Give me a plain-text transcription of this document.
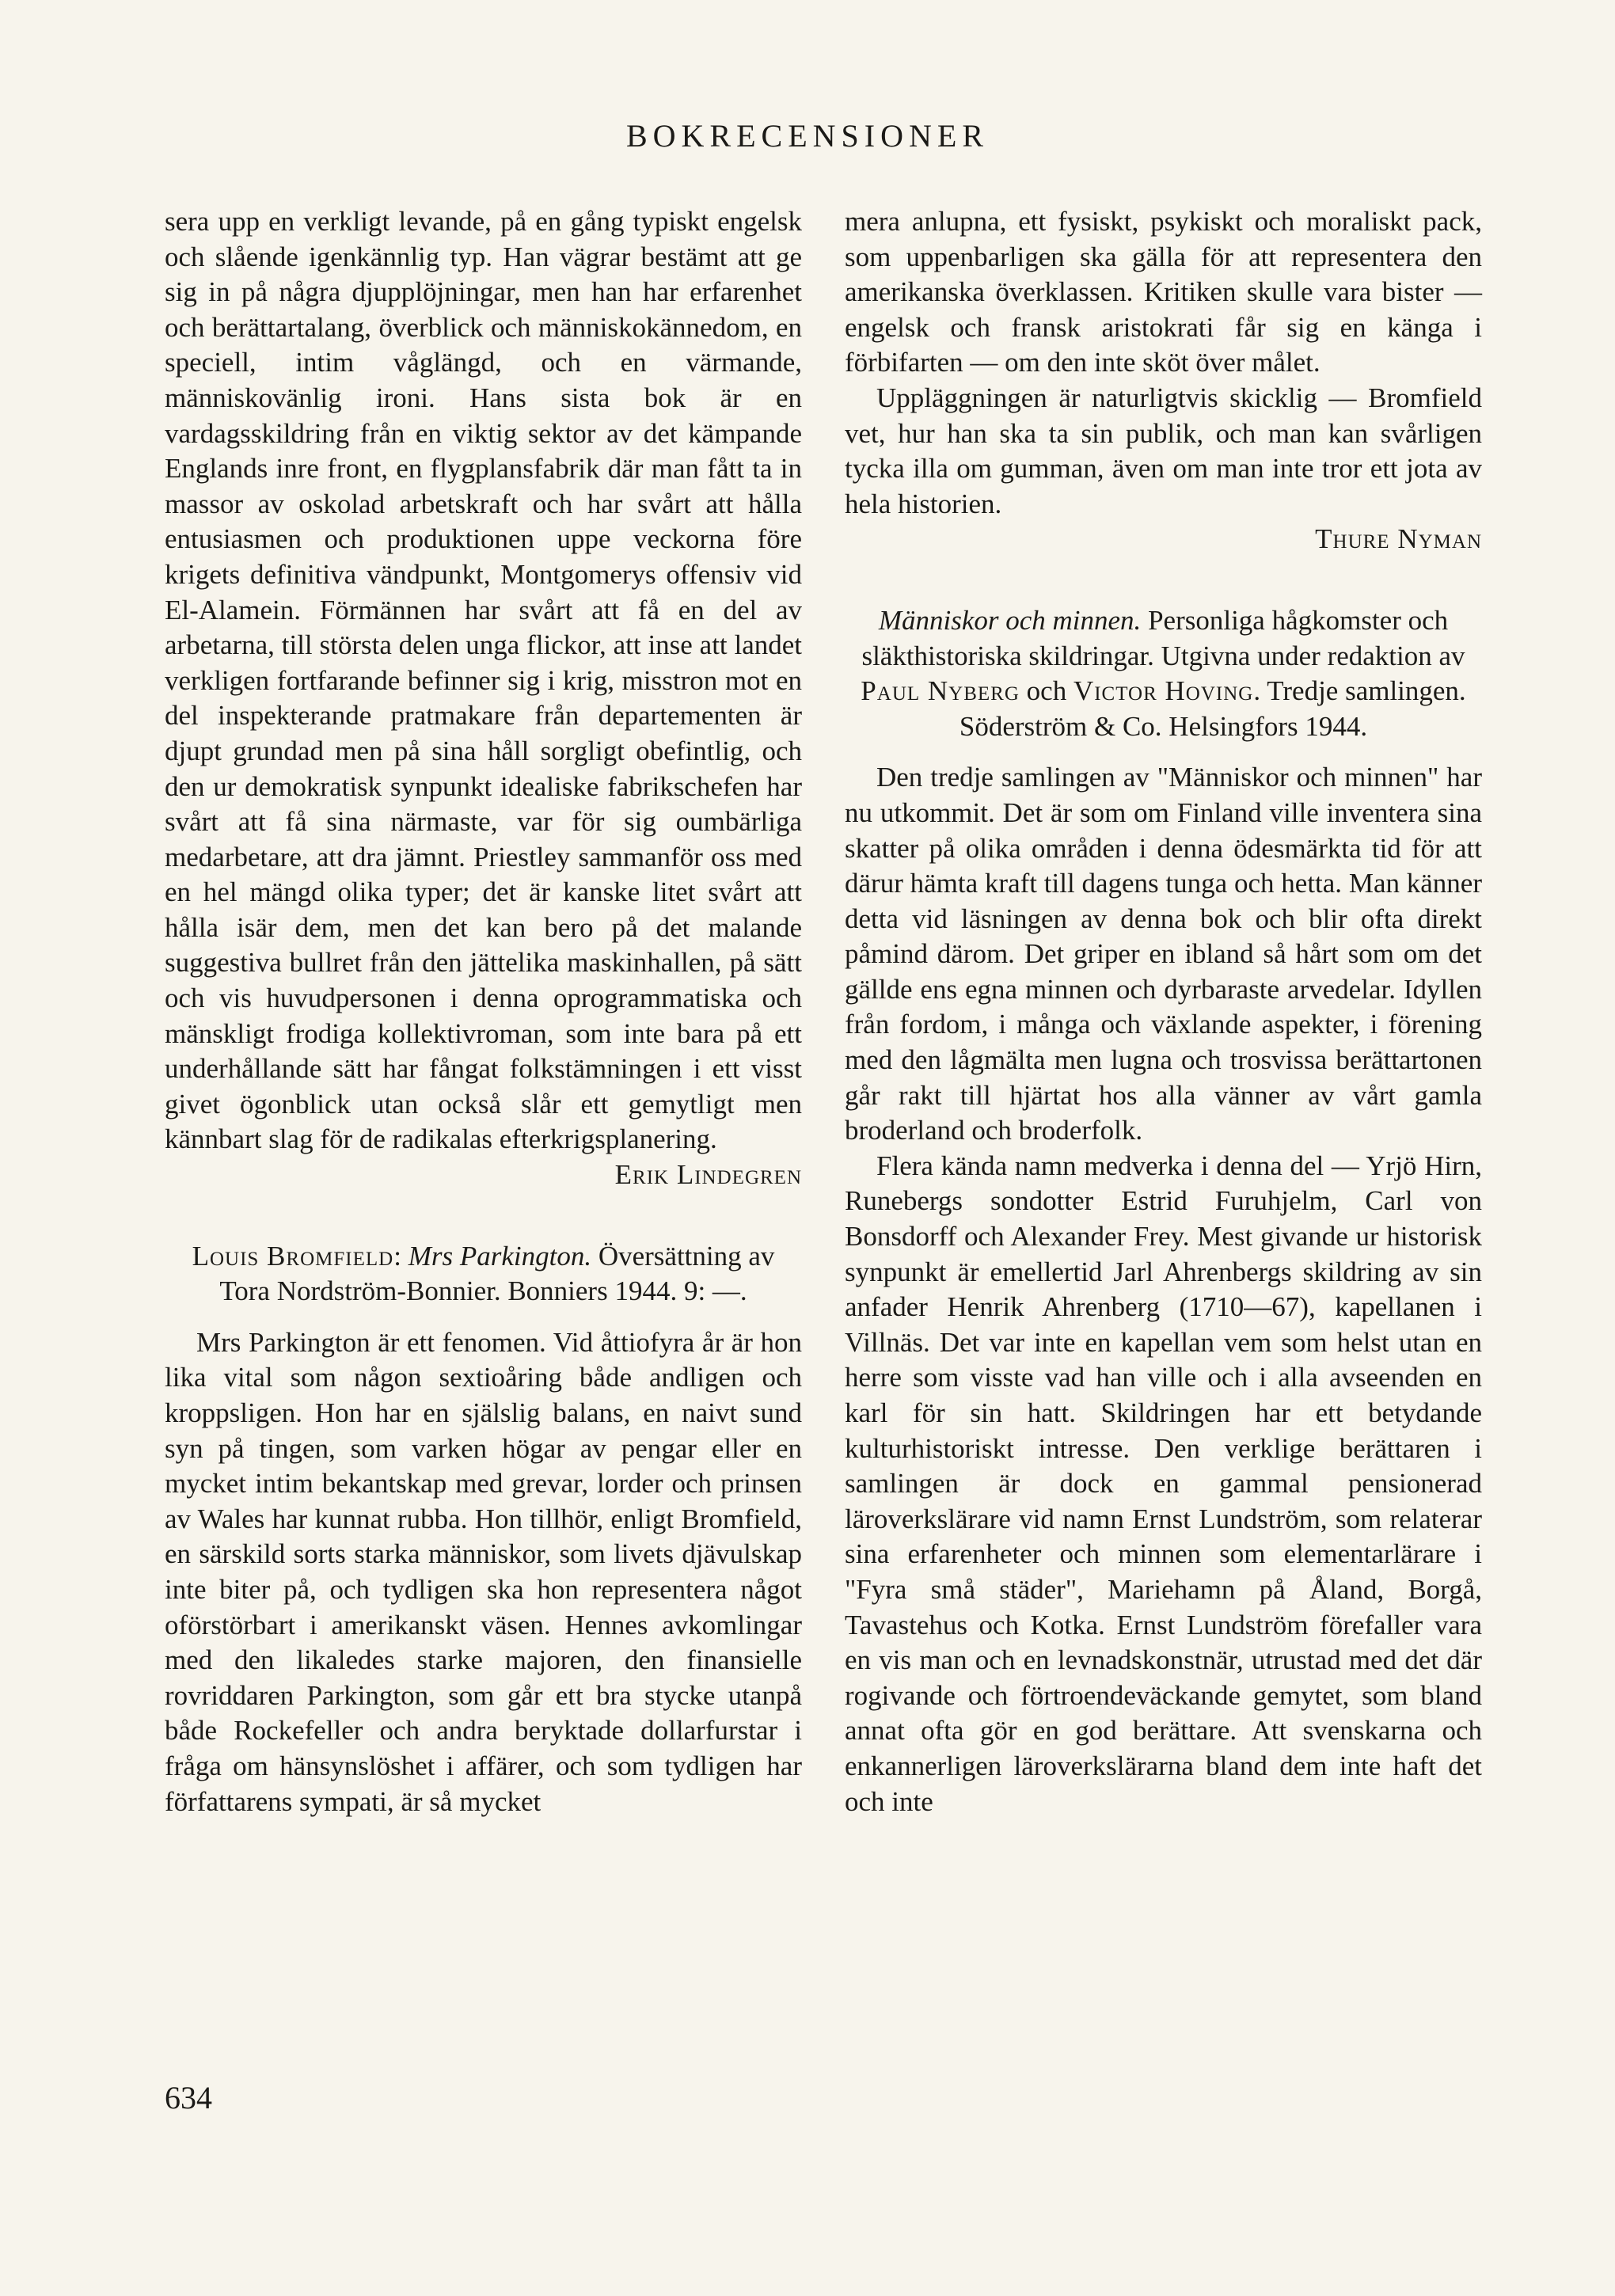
BOKRECENSIONER

sera upp en verkligt levande, på en gång typiskt engelsk och slående igenkännlig typ. Han vägrar bestämt att ge sig in på några djupplöjningar, men han har erfarenhet och berättartalang, överblick och människokännedom, en speciell, intim våglängd, och en värmande, människovänlig ironi. Hans sista bok är en vardagsskildring från en viktig sektor av det kämpande Englands inre front, en flygplansfabrik där man fått ta in massor av oskolad arbetskraft och har svårt att hålla entusiasmen och produktionen uppe veckorna före krigets definitiva vändpunkt, Montgomerys offensiv vid El-Alamein. Förmännen har svårt att få en del av arbetarna, till största delen unga flickor, att inse att landet verkligen fortfarande befinner sig i krig, misstron mot en del inspekterande pratmakare från departementen är djupt grundad men på sina håll sorgligt obefintlig, och den ur demokratisk synpunkt idealiske fabrikschefen har svårt att få sina närmaste, var för sig oumbärliga medarbetare, att dra jämnt. Priestley sammanför oss med en hel mängd olika typer; det är kanske litet svårt att hålla isär dem, men det kan bero på det malande suggestiva bullret från den jättelika maskinhallen, på sätt och vis huvudpersonen i denna oprogrammatiska och mänskligt frodiga kollektivroman, som inte bara på ett underhållande sätt har fångat folkstämningen i ett visst givet ögonblick utan också slår ett gemytligt men kännbart slag för de radikalas efterkrigsplanering.
Erik Lindegren

Louis Bromfield: Mrs Parkington. Översättning av Tora Nordström-Bonnier. Bonniers 1944. 9: —.

Mrs Parkington är ett fenomen. Vid åttiofyra år är hon lika vital som någon sextioåring både andligen och kroppsligen. Hon har en själslig balans, en naivt sund syn på tingen, som varken högar av pengar eller en mycket intim bekantskap med grevar, lorder och prinsen av Wales har kunnat rubba. Hon tillhör, enligt Bromfield, en särskild sorts starka människor, som livets djävulskap inte biter på, och tydligen ska hon representera något oförstörbart i amerikanskt väsen. Hennes avkomlingar med den likaledes starke majoren, den finansielle rovriddaren Parkington, som går ett bra stycke utanpå både Rockefeller och andra beryktade dollarfurstar i fråga om hänsynslöshet i affärer, och som tydligen har författarens sympati, är så mycket

mera anlupna, ett fysiskt, psykiskt och moraliskt pack, som uppenbarligen ska gälla för att representera den amerikanska överklassen. Kritiken skulle vara bister — engelsk och fransk aristokrati får sig en känga i förbifarten — om den inte sköt över målet.

Uppläggningen är naturligtvis skicklig — Bromfield vet, hur han ska ta sin publik, och man kan svårligen tycka illa om gumman, även om man inte tror ett jota av hela historien.

Thure Nyman

Människor och minnen. Personliga hågkomster och släkthistoriska skildringar. Utgivna under redaktion av Paul Nyberg och Victor Hoving. Tredje samlingen. Söderström & Co. Helsingfors 1944.

Den tredje samlingen av "Människor och minnen" har nu utkommit. Det är som om Finland ville inventera sina skatter på olika områden i denna ödesmärkta tid för att därur hämta kraft till dagens tunga och hetta. Man känner detta vid läsningen av denna bok och blir ofta direkt påmind därom. Det griper en ibland så hårt som om det gällde ens egna minnen och dyrbaraste arvedelar. Idyllen från fordom, i många och växlande aspekter, i förening med den lågmälta men lugna och trosvissa berättartonen går rakt till hjärtat hos alla vänner av vårt gamla broderland och broderfolk.

Flera kända namn medverka i denna del — Yrjö Hirn, Runebergs sondotter Estrid Furuhjelm, Carl von Bonsdorff och Alexander Frey. Mest givande ur historisk synpunkt är emellertid Jarl Ahrenbergs skildring av sin anfader Henrik Ahrenberg (1710—67), kapellanen i Villnäs. Det var inte en kapellan vem som helst utan en herre som visste vad han ville och i alla avseenden en karl för sin hatt. Skildringen har ett betydande kulturhistoriskt intresse. Den verklige berättaren i samlingen är dock en gammal pensionerad läroverkslärare vid namn Ernst Lundström, som relaterar sina erfarenheter och minnen som elementarlärare i "Fyra små städer", Mariehamn på Åland, Borgå, Tavastehus och Kotka. Ernst Lundström förefaller vara en vis man och en levnadskonstnär, utrustad med det där rogivande och förtroendeväckande gemytet, som bland annat ofta gör en god berättare. Att svenskarna och enkannerligen läroverkslärarna bland dem inte haft det och inte

634
